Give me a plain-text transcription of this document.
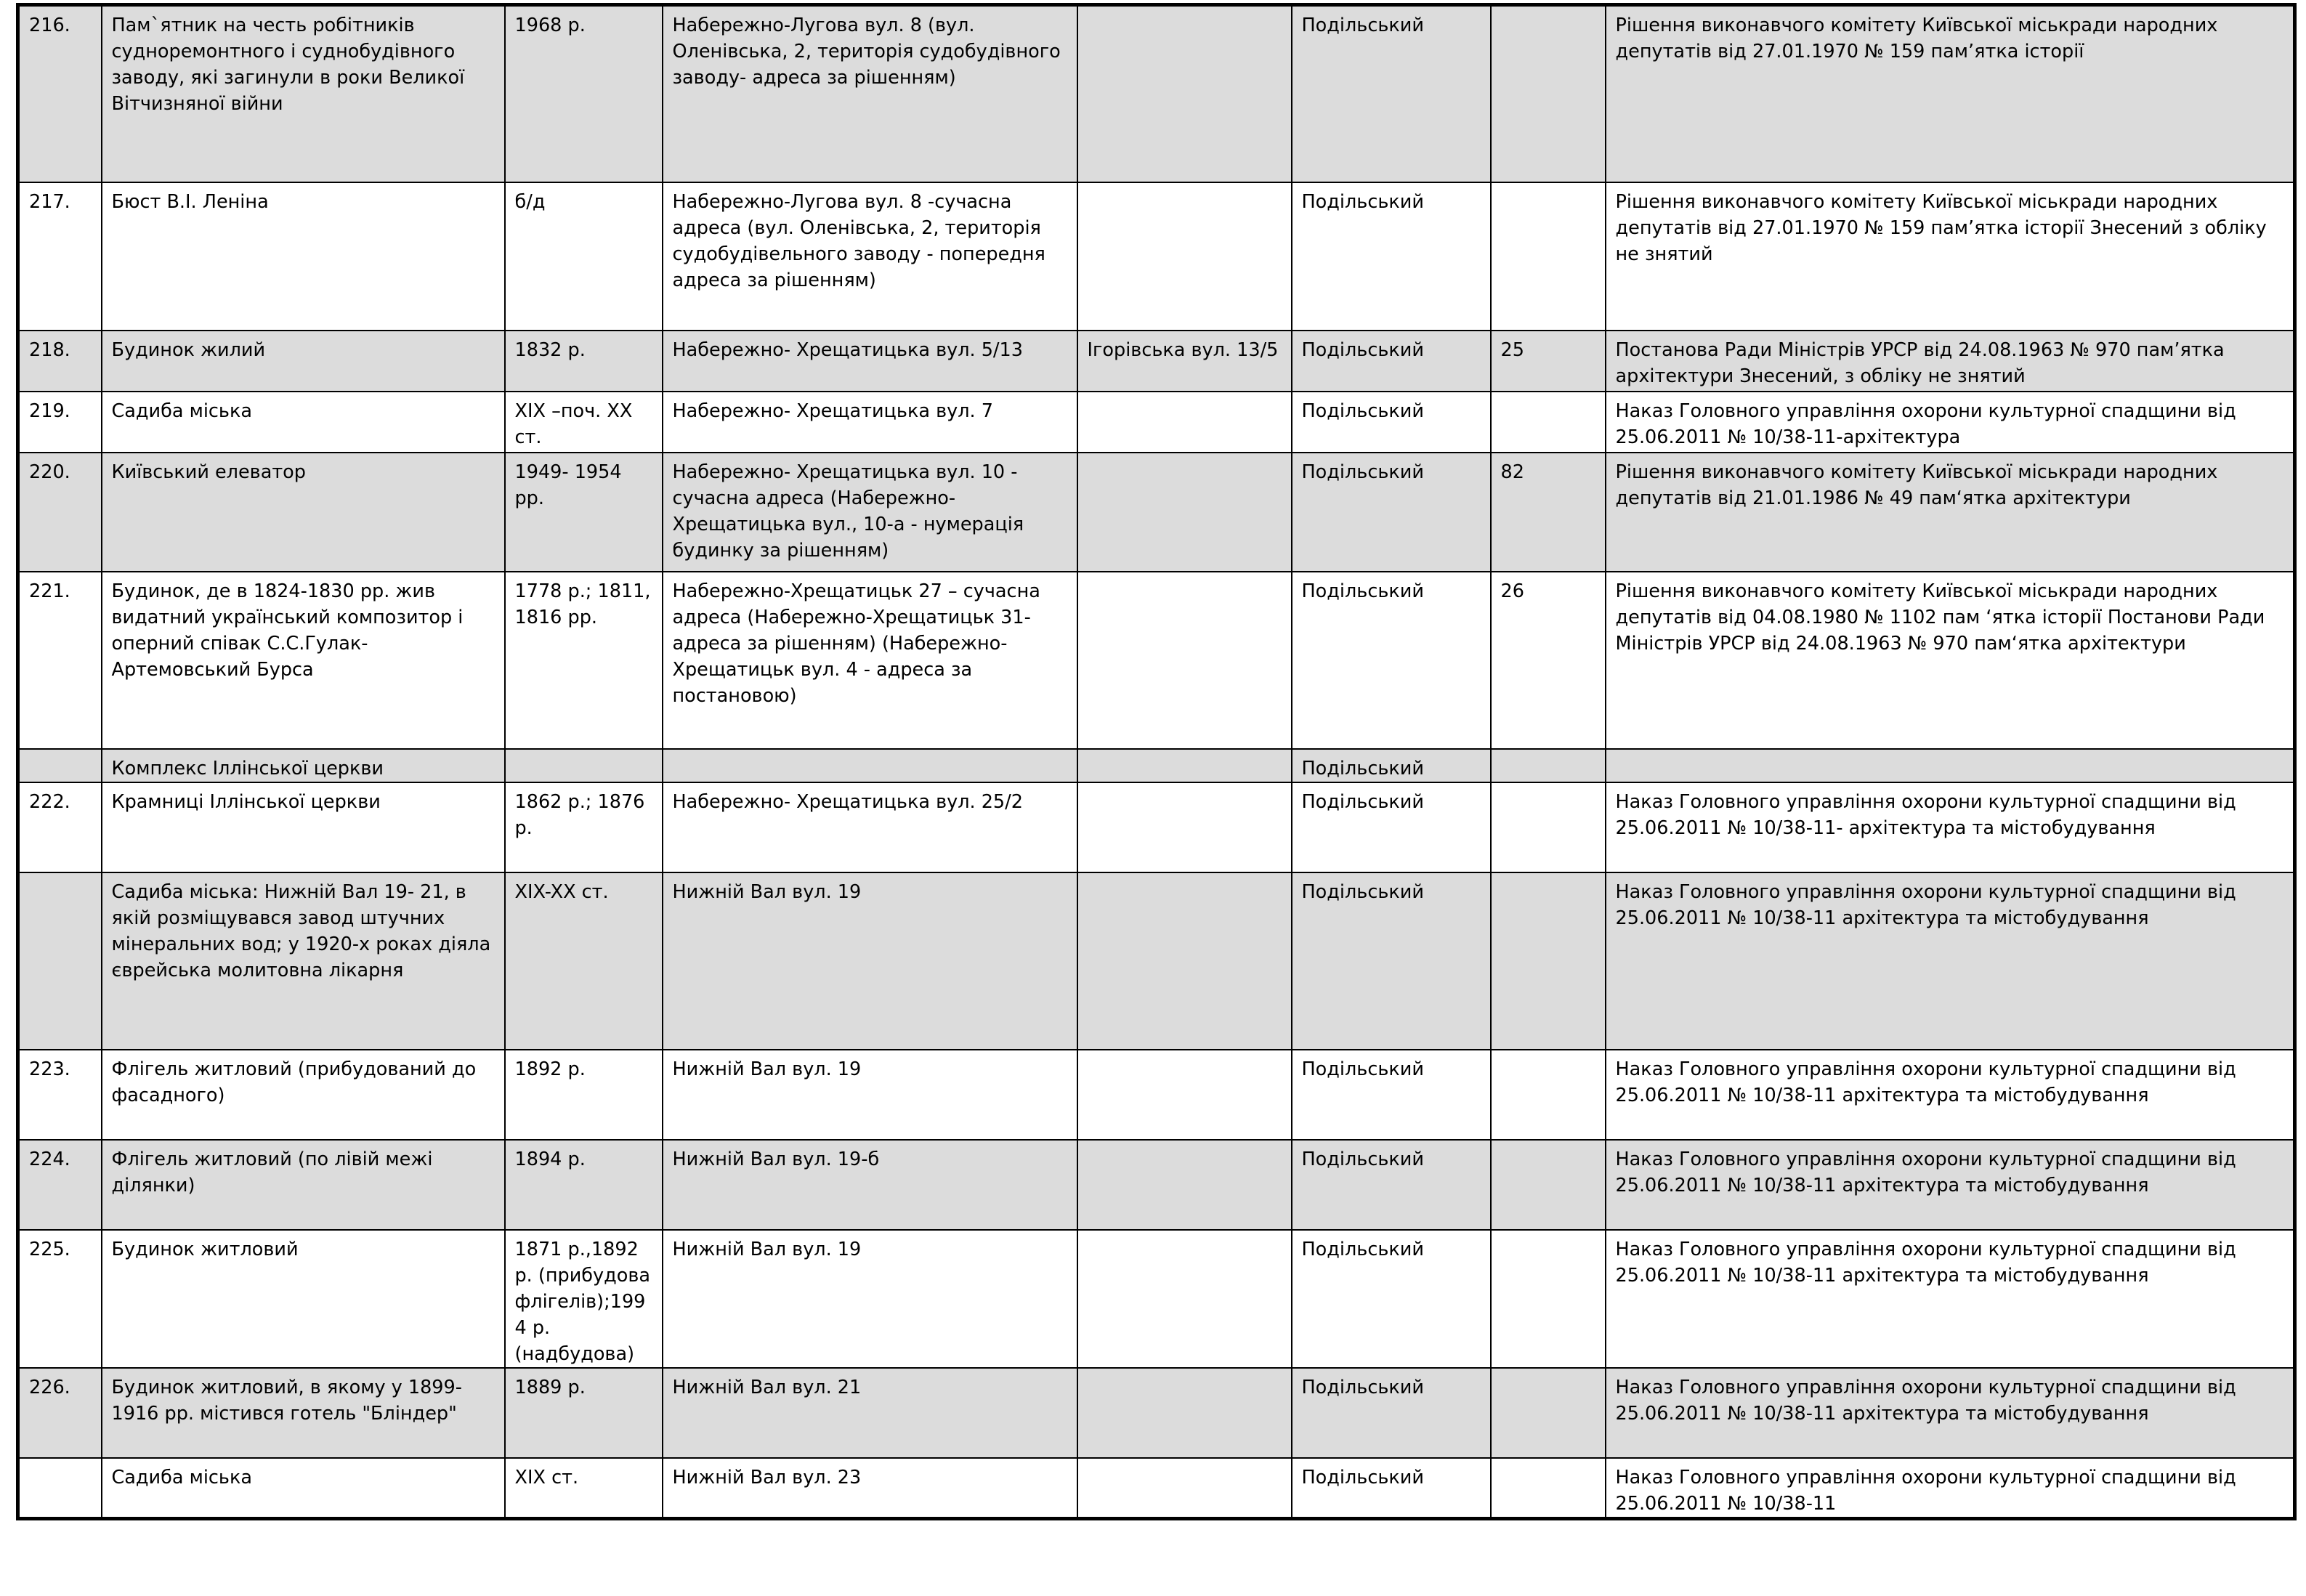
216.	Пам`ятник на честь робітників судноремонтного і суднобудівного заводу, які загинули в роки Великої Вітчизняної війни	1968 р.	Набережно-Лугова вул. 8 (вул. Оленівська, 2, територія судобудівного заводу- адреса за рішенням)		Подільський		Рішення виконавчого комітету Київської міськради народних депутатів від 27.01.1970 № 159 пам’ятка історії
217.	Бюст В.І. Леніна	б/д	Набережно-Лугова вул. 8 -сучасна адреса (вул. Оленівська, 2, територія судобудівельного заводу - попередня адреса за рішенням)		Подільський		Рішення виконавчого комітету Київської міськради народних депутатів від 27.01.1970 № 159 пам’ятка історії Знесений з обліку не знятий
218.	Будинок жилий	1832 р.	Набережно- Хрещатицька вул. 5/13	Ігорівська вул. 13/5	Подільський	25	Постанова Ради Міністрів УРСР від 24.08.1963 № 970 пам’ятка архітектури Знесений, з обліку не знятий
219.	Садиба міська	XIX –поч. XX ст.	Набережно- Хрещатицька вул. 7		Подільський		Наказ Головного управління охорони культурної спадщини від 25.06.2011 № 10/38-11-архітектура
220.	Київський елеватор	1949- 1954 рр.	Набережно- Хрещатицька вул. 10 - сучасна адреса (Набережно-Хрещатицька вул., 10-а - нумерація будинку за рішенням)		Подільський	82	Рішення виконавчого комітету Київської міськради народних депутатів від 21.01.1986 № 49 пам‘ятка архітектури
221.	Будинок, де в 1824-1830 рр. жив видатний український композитор і оперний співак С.С.Гулак-Артемовський Бурса	1778 р.; 1811, 1816 рр.	Набережно-Хрещатицьк 27 – сучасна адреса (Набережно-Хрещатицьк 31- адреса за рішенням) (Набережно-Хрещатицьк вул. 4 - адреса за постановою)		Подільський	26	Рішення виконавчого комітету Київської міськради народних депутатів від 04.08.1980 № 1102 пам ‘ятка історії Постанови Ради Міністрів УРСР від 24.08.1963 № 970 пам‘ятка архітектури
	Комплекс Іллінської церкви				Подільський		
222.	Крамниці Іллінської церкви	1862 р.; 1876 р.	Набережно- Хрещатицька вул. 25/2		Подільський		Наказ Головного управління охорони культурної спадщини від 25.06.2011 № 10/38-11- архітектура та містобудування
	Садиба міська: Нижній Вал 19- 21, в якій розміщувався завод штучних мінеральних вод; у 1920-х роках діяла єврейська молитовна лікарня	XIX-XX ст.	Нижній Вал вул. 19		Подільський		Наказ Головного управління охорони культурної спадщини від 25.06.2011 № 10/38-11 архітектура та містобудування
223.	Флігель житловий (прибудований до фасадного)	1892 р.	Нижній Вал вул. 19		Подільський		Наказ Головного управління охорони культурної спадщини від 25.06.2011 № 10/38-11 архітектура та містобудування
224.	Флігель житловий (по лівій межі ділянки)	1894 р.	Нижній Вал вул. 19-б		Подільський		Наказ Головного управління охорони культурної спадщини від 25.06.2011 № 10/38-11 архітектура та містобудування
225.	Будинок житловий	1871 р.,1892 р. (прибудова флігелів);1994 р. (надбудова)	Нижній Вал вул. 19		Подільський		Наказ Головного управління охорони культурної спадщини від 25.06.2011 № 10/38-11 архітектура та містобудування
226.	Будинок житловий, в якому у 1899-1916 рр. містився готель "Бліндер"	1889 р.	Нижній Вал вул. 21		Подільський		Наказ Головного управління охорони культурної спадщини від 25.06.2011 № 10/38-11 архітектура та містобудування
	Садиба міська	XIX ст.	Нижній Вал вул. 23		Подільський		Наказ Головного управління охорони культурної спадщини від 25.06.2011 № 10/38-11
